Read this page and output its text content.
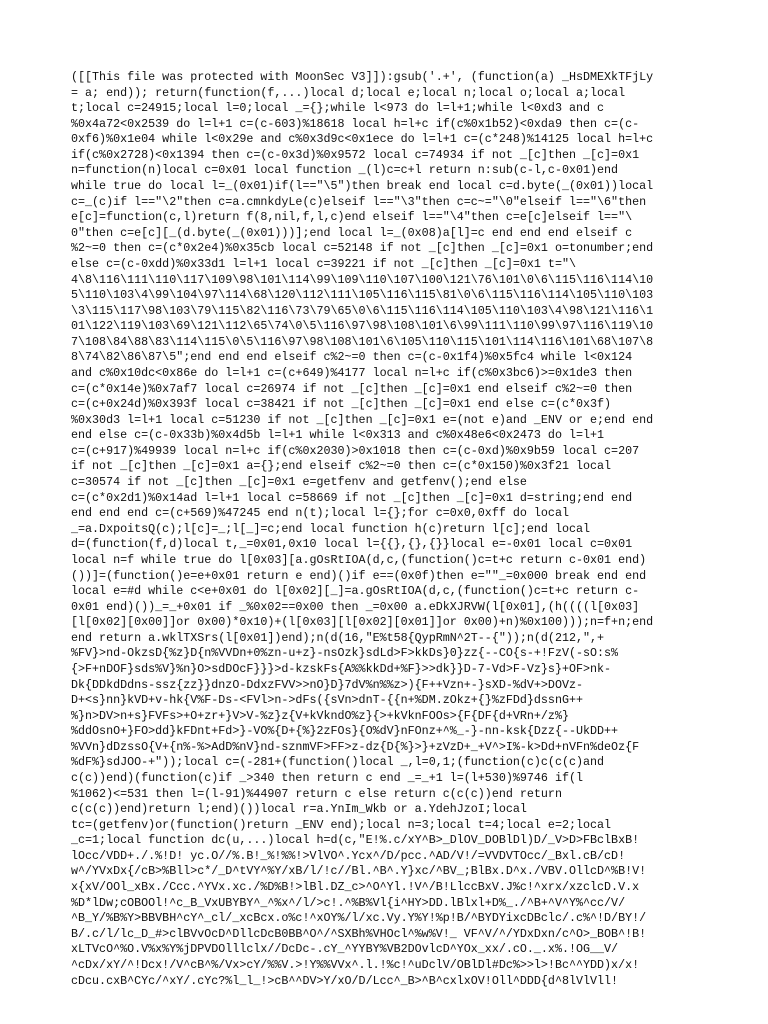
([[This file was protected with MoonSec V3]]):gsub('.+', (function(a) _HsDMEXkTFjLy
= a; end)); return(function(f,...)local d;local e;local n;local o;local a;local
t;local c=24915;local l=0;local _={};while l<973 do l=l+1;while l<0xd3 and c
%0x4a72<0x2539 do l=l+1 c=(c-603)%18618 local h=l+c if(c%0x1b52)<0xda9 then c=(c-
0xf6)%0x1e04 while l<0x29e and c%0x3d9c<0x1ece do l=l+1 c=(c*248)%14125 local h=l+c
if(c%0x2728)<0x1394 then c=(c-0x3d)%0x9572 local c=74934 if not _[c]then _[c]=0x1
n=function(n)local c=0x01 local function _(l)c=c+l return n:sub(c-l,c-0x01)end
while true do local l=_(0x01)if(l=="\5")then break end local c=d.byte(_(0x01))local
c=_(c)if l=="\2"then c=a.cmnkdyLe(c)elseif l=="\3"then c=c~="\0"elseif l=="\6"then
e[c]=function(c,l)return f(8,nil,f,l,c)end elseif l=="\4"then c=e[c]elseif l=="\
0"then c=e[c][_(d.byte(_(0x01)))];end local l=_(0x08)a[l]=c end end end elseif c
%2~=0 then c=(c*0x2e4)%0x35cb local c=52148 if not _[c]then _[c]=0x1 o=tonumber;end
else c=(c-0xdd)%0x33d1 l=l+1 local c=39221 if not _[c]then _[c]=0x1 t="\
4\8\116\111\110\117\109\98\101\114\99\109\110\107\100\121\76\101\0\6\115\116\114\10
5\110\103\4\99\104\97\114\68\120\112\111\105\116\115\81\0\6\115\116\114\105\110\103
\3\115\117\98\103\79\115\82\116\73\79\65\0\6\115\116\114\105\110\103\4\98\121\116\1
01\122\119\103\69\121\112\65\74\0\5\116\97\98\108\101\6\99\111\110\99\97\116\119\10
7\108\84\88\83\114\115\0\5\116\97\98\108\101\6\105\110\115\101\114\116\101\68\107\8
8\74\82\86\87\5";end end end elseif c%2~=0 then c=(c-0x1f4)%0x5fc4 while l<0x124
and c%0x10dc<0x86e do l=l+1 c=(c+649)%4177 local n=l+c if(c%0x3bc6)>=0x1de3 then
c=(c*0x14e)%0x7af7 local c=26974 if not _[c]then _[c]=0x1 end elseif c%2~=0 then
c=(c+0x24d)%0x393f local c=38421 if not _[c]then _[c]=0x1 end else c=(c*0x3f)
%0x30d3 l=l+1 local c=51230 if not _[c]then _[c]=0x1 e=(not e)and _ENV or e;end end
end else c=(c-0x33b)%0x4d5b l=l+1 while l<0x313 and c%0x48e6<0x2473 do l=l+1
c=(c+917)%49939 local n=l+c if(c%0x2030)>0x1018 then c=(c-0xd)%0x9b59 local c=207
if not _[c]then _[c]=0x1 a={};end elseif c%2~=0 then c=(c*0x150)%0x3f21 local
c=30574 if not _[c]then _[c]=0x1 e=getfenv and getfenv();end else
c=(c*0x2d1)%0x14ad l=l+1 local c=58669 if not _[c]then _[c]=0x1 d=string;end end
end end end c=(c+569)%47245 end n(t);local l={};for c=0x0,0xff do local
_=a.DxpoitsQ(c);l[c]=_;l[_]=c;end local function h(c)return l[c];end local
d=(function(f,d)local t,_=0x01,0x10 local l={{},{},{}}local e=-0x01 local c=0x01
local n=f while true do l[0x03][a.gOsRtIOA(d,c,(function()c=t+c return c-0x01 end)
())]=(function()e=e+0x01 return e end)()if e==(0x0f)then e=""_=0x000 break end end
local e=#d while c<e+0x01 do l[0x02][_]=a.gOsRtIOA(d,c,(function()c=t+c return c-
0x01 end)())_=_+0x01 if _%0x02==0x00 then _=0x00 a.eDkXJRVW(l[0x01],(h((((l[0x03]
[l[0x02][0x00]]or 0x00)*0x10)+(l[0x03][l[0x02][0x01]]or 0x00)+n)%0x100)));n=f+n;end
end return a.wklTXSrs(l[0x01])end);n(d(16,"E%t58{QypRmN^2T--{"));n(d(212,",+
%FV}>nd-OkzsD{%z}D{n%VVDn+0%zn-u+z}-nsOzk}sdLd>F>kkDs}0}zz{--CO{s-+!FzV(-sO:s%
{>F+nDOF}sds%V}%n}O>sdDOcF}}}>d-kzskFs{A%%kkDd+%F}>>dk}}D-7-Vd>F-Vz}s}+OF>nk-
Dk{DDkdDdns-ssz{zz}}dnzO-DdxzFVV>>nO}D}7dV%n%%z>){F++Vzn+-}sXD-%dV+>DOVz-
D+<s}nn}kVD+v-hk{V%F-Ds-<FVl>n->dFs({sVn>dnT-{{n+%DM.zOkz+{}%zFDd}dssnG++
%}n>DV>n+s}FVFs>+O+zr+}V>V-%z}z{V+kVkndO%z}{>+kVknFOOs>{F{DF{d+VRn+/z%}
%ddOsnO+}FO>dd}kFDnt+Fd>}-VO%{D+{%}2zFOs}{O%dV}nFOnz+^%_-}-nn-ksk{Dzz{--UkDD++
%VVn}dDzssO{V+{n%-%>AdD%nV}nd-sznmVF>FF>z-dz{D{%}>}+zVzD+_+V^>I%-k>Dd+nVFn%deOz{F
%dF%}sdJOO-+"));local c=(-281+(function()local _,l=0,1;(function(c)c(c(c)and
c(c))end)(function(c)if _>340 then return c end _=_+1 l=(l+530)%9746 if(l
%1062)<=531 then l=(l-91)%44907 return c else return c(c(c))end return
c(c(c))end)return l;end)())local r=a.YnIm_Wkb or a.YdehJzoI;local
tc=(getfenv)or(function()return _ENV end);local n=3;local t=4;local e=2;local
_c=1;local function dc(u,...)local h=d(c,"E!%.c/xY^B>_DlOV_DOBlDl)D/_V>D>FBclBxB!
lOcc/VDD+./.%!D! yc.O//%.B!_%!%%!>VlVO^.Ycx^/D/pcc.^AD/V!/=VVDVTOcc/_Bxl.cB/cD!
w^/YVxDx{/cB>%Bll>c*/_D^tVY^%Y/xB/l/!c//Bl.^B^.Y}xc/^BV_;BlBx.D^x./VBV.OllcD^%B!V!
x{xV/OOl_xBx./Ccc.^YVx.xc./%D%B!>lBl.DZ_c>^O^Yl.!V^/B!LlccBxV.J%c!^xrx/xzclcD.V.x
%D*lDw;cOBOOl!^c_B_VxUBYBY^_^%x^/l/>c!.^%B%Vl{i^HY>DD.lBlxl+D%_./^B+^V^Y%^cc/V/
^B_Y/%B%Y>BBVBH^cY^_cl/_xcBcx.o%c!^xOY%/l/xc.Vy.Y%Y!%p!B/^BYDYixcDBclc/.c%^!D/BY!/
B/.c/l/lc_D_#>clBVvOcD^DllcDcB0BB^O^/^SXBh%VHOcl^%w%V!_ VF^V/^/YDxDxn/c^O>_BOB^!B!
xLTVcO^%O.V%x%Y%jDPVDOlllclx//DcDc-.cY_^YYBY%VB2DOvlcD^YOx_xx/.cO._.x%.!OG__V/
^cDx/xY/^!Dcx!/V^cB^%/Vx>cY/%%V.>!Y%%VVx^.l.!%c!^uDclV/OBlDl#Dc%>>l>!Bc^^YDD)x/x!
cDcu.cxB^CYc/^xY/.cYc?%l_l_!>cB^^DV>Y/xO/D/Lcc^_B>^B^cxlxOV!Oll^DDD{d^8lVlVll!
